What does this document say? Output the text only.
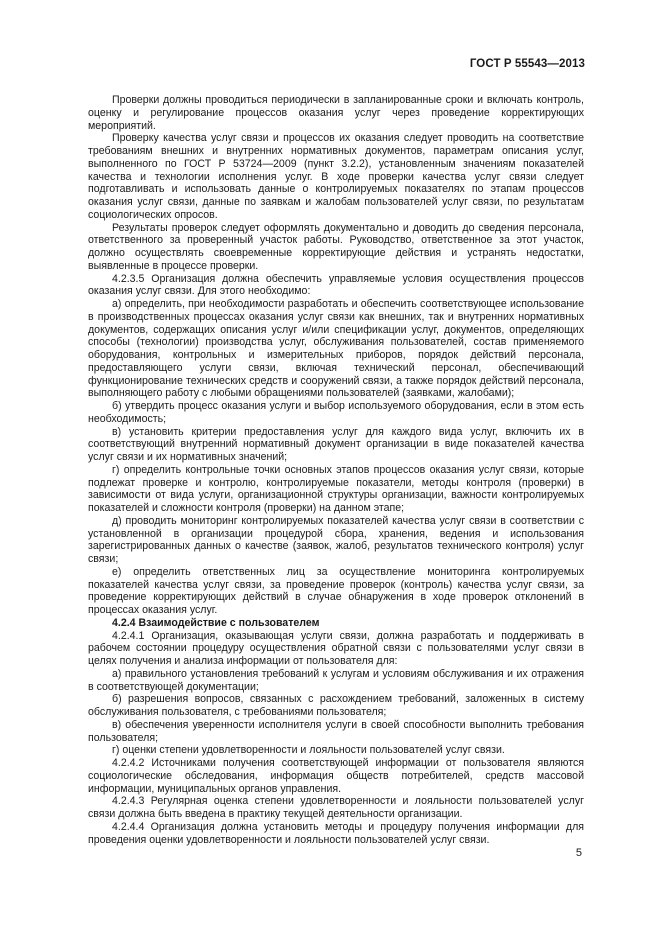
ГОСТ Р 55543—2013

Проверки должны проводиться периодически в запланированные сроки и включать контроль, оценку и регулирование процессов оказания услуг через проведение корректирующих мероприятий.

Проверку качества услуг связи и процессов их оказания следует проводить на соответствие требованиям внешних и внутренних нормативных документов, параметрам описания услуг, выполненного по ГОСТ Р 53724—2009 (пункт 3.2.2), установленным значениям показателей качества и технологии исполнения услуг. В ходе проверки качества услуг связи следует подготавливать и использовать данные о контролируемых показателях по этапам процессов оказания услуг связи, данные по заявкам и жалобам пользователей услуг связи, по результатам социологических опросов.

Результаты проверок следует оформлять документально и доводить до сведения персонала, ответственного за проверенный участок работы. Руководство, ответственное за этот участок, должно осуществлять своевременные корректирующие действия и устранять недостатки, выявленные в процессе проверки.

4.2.3.5 Организация должна обеспечить управляемые условия осуществления процессов оказания услуг связи. Для этого необходимо:

а) определить, при необходимости разработать и обеспечить соответствующее использование в производственных процессах оказания услуг связи как внешних, так и внутренних нормативных документов, содержащих описания услуг и/или спецификации услуг, документов, определяющих способы (технологии) производства услуг, обслуживания пользователей, состав применяемого оборудования, контрольных и измерительных приборов, порядок действий персонала, предоставляющего услуги связи, включая технический персонал, обеспечивающий функционирование технических средств и сооружений связи, а также порядок действий персонала, выполняющего работу с любыми обращениями пользователей (заявками, жалобами);

б) утвердить процесс оказания услуги и выбор используемого оборудования, если в этом есть необходимость;

в) установить критерии предоставления услуг для каждого вида услуг, включить их в соответствующий внутренний нормативный документ организации в виде показателей качества услуг связи и их нормативных значений;

г) определить контрольные точки основных этапов процессов оказания услуг связи, которые подлежат проверке и контролю, контролируемые показатели, методы контроля (проверки) в зависимости от вида услуги, организационной структуры организации, важности контролируемых показателей и сложности контроля (проверки) на данном этапе;

д) проводить мониторинг контролируемых показателей качества услуг связи в соответствии с установленной в организации процедурой сбора, хранения, ведения и использования зарегистрированных данных о качестве (заявок, жалоб, результатов технического контроля) услуг связи;

е) определить ответственных лиц за осуществление мониторинга контролируемых показателей качества услуг связи, за проведение проверок (контроль) качества услуг связи, за проведение корректирующих действий в случае обнаружения в ходе проверок отклонений в процессах оказания услуг.

4.2.4 Взаимодействие с пользователем

4.2.4.1 Организация, оказывающая услуги связи, должна разработать и поддерживать в рабочем состоянии процедуру осуществления обратной связи с пользователями услуг связи в целях получения и анализа информации от пользователя для:

а) правильного установления требований к услугам и условиям обслуживания и их отражения в соответствующей документации;

б) разрешения вопросов, связанных с расхождением требований, заложенных в систему обслуживания пользователя, с требованиями пользователя;

в) обеспечения уверенности исполнителя услуги в своей способности выполнить требования пользователя;

г) оценки степени удовлетворенности и лояльности пользователей услуг связи.

4.2.4.2 Источниками получения соответствующей информации от пользователя являются социологические обследования, информация обществ потребителей, средств массовой информации, муниципальных органов управления.

4.2.4.3 Регулярная оценка степени удовлетворенности и лояльности пользователей услуг связи должна быть введена в практику текущей деятельности организации.

4.2.4.4 Организация должна установить методы и процедуру получения информации для проведения оценки удовлетворенности и лояльности пользователей услуг связи.

5
